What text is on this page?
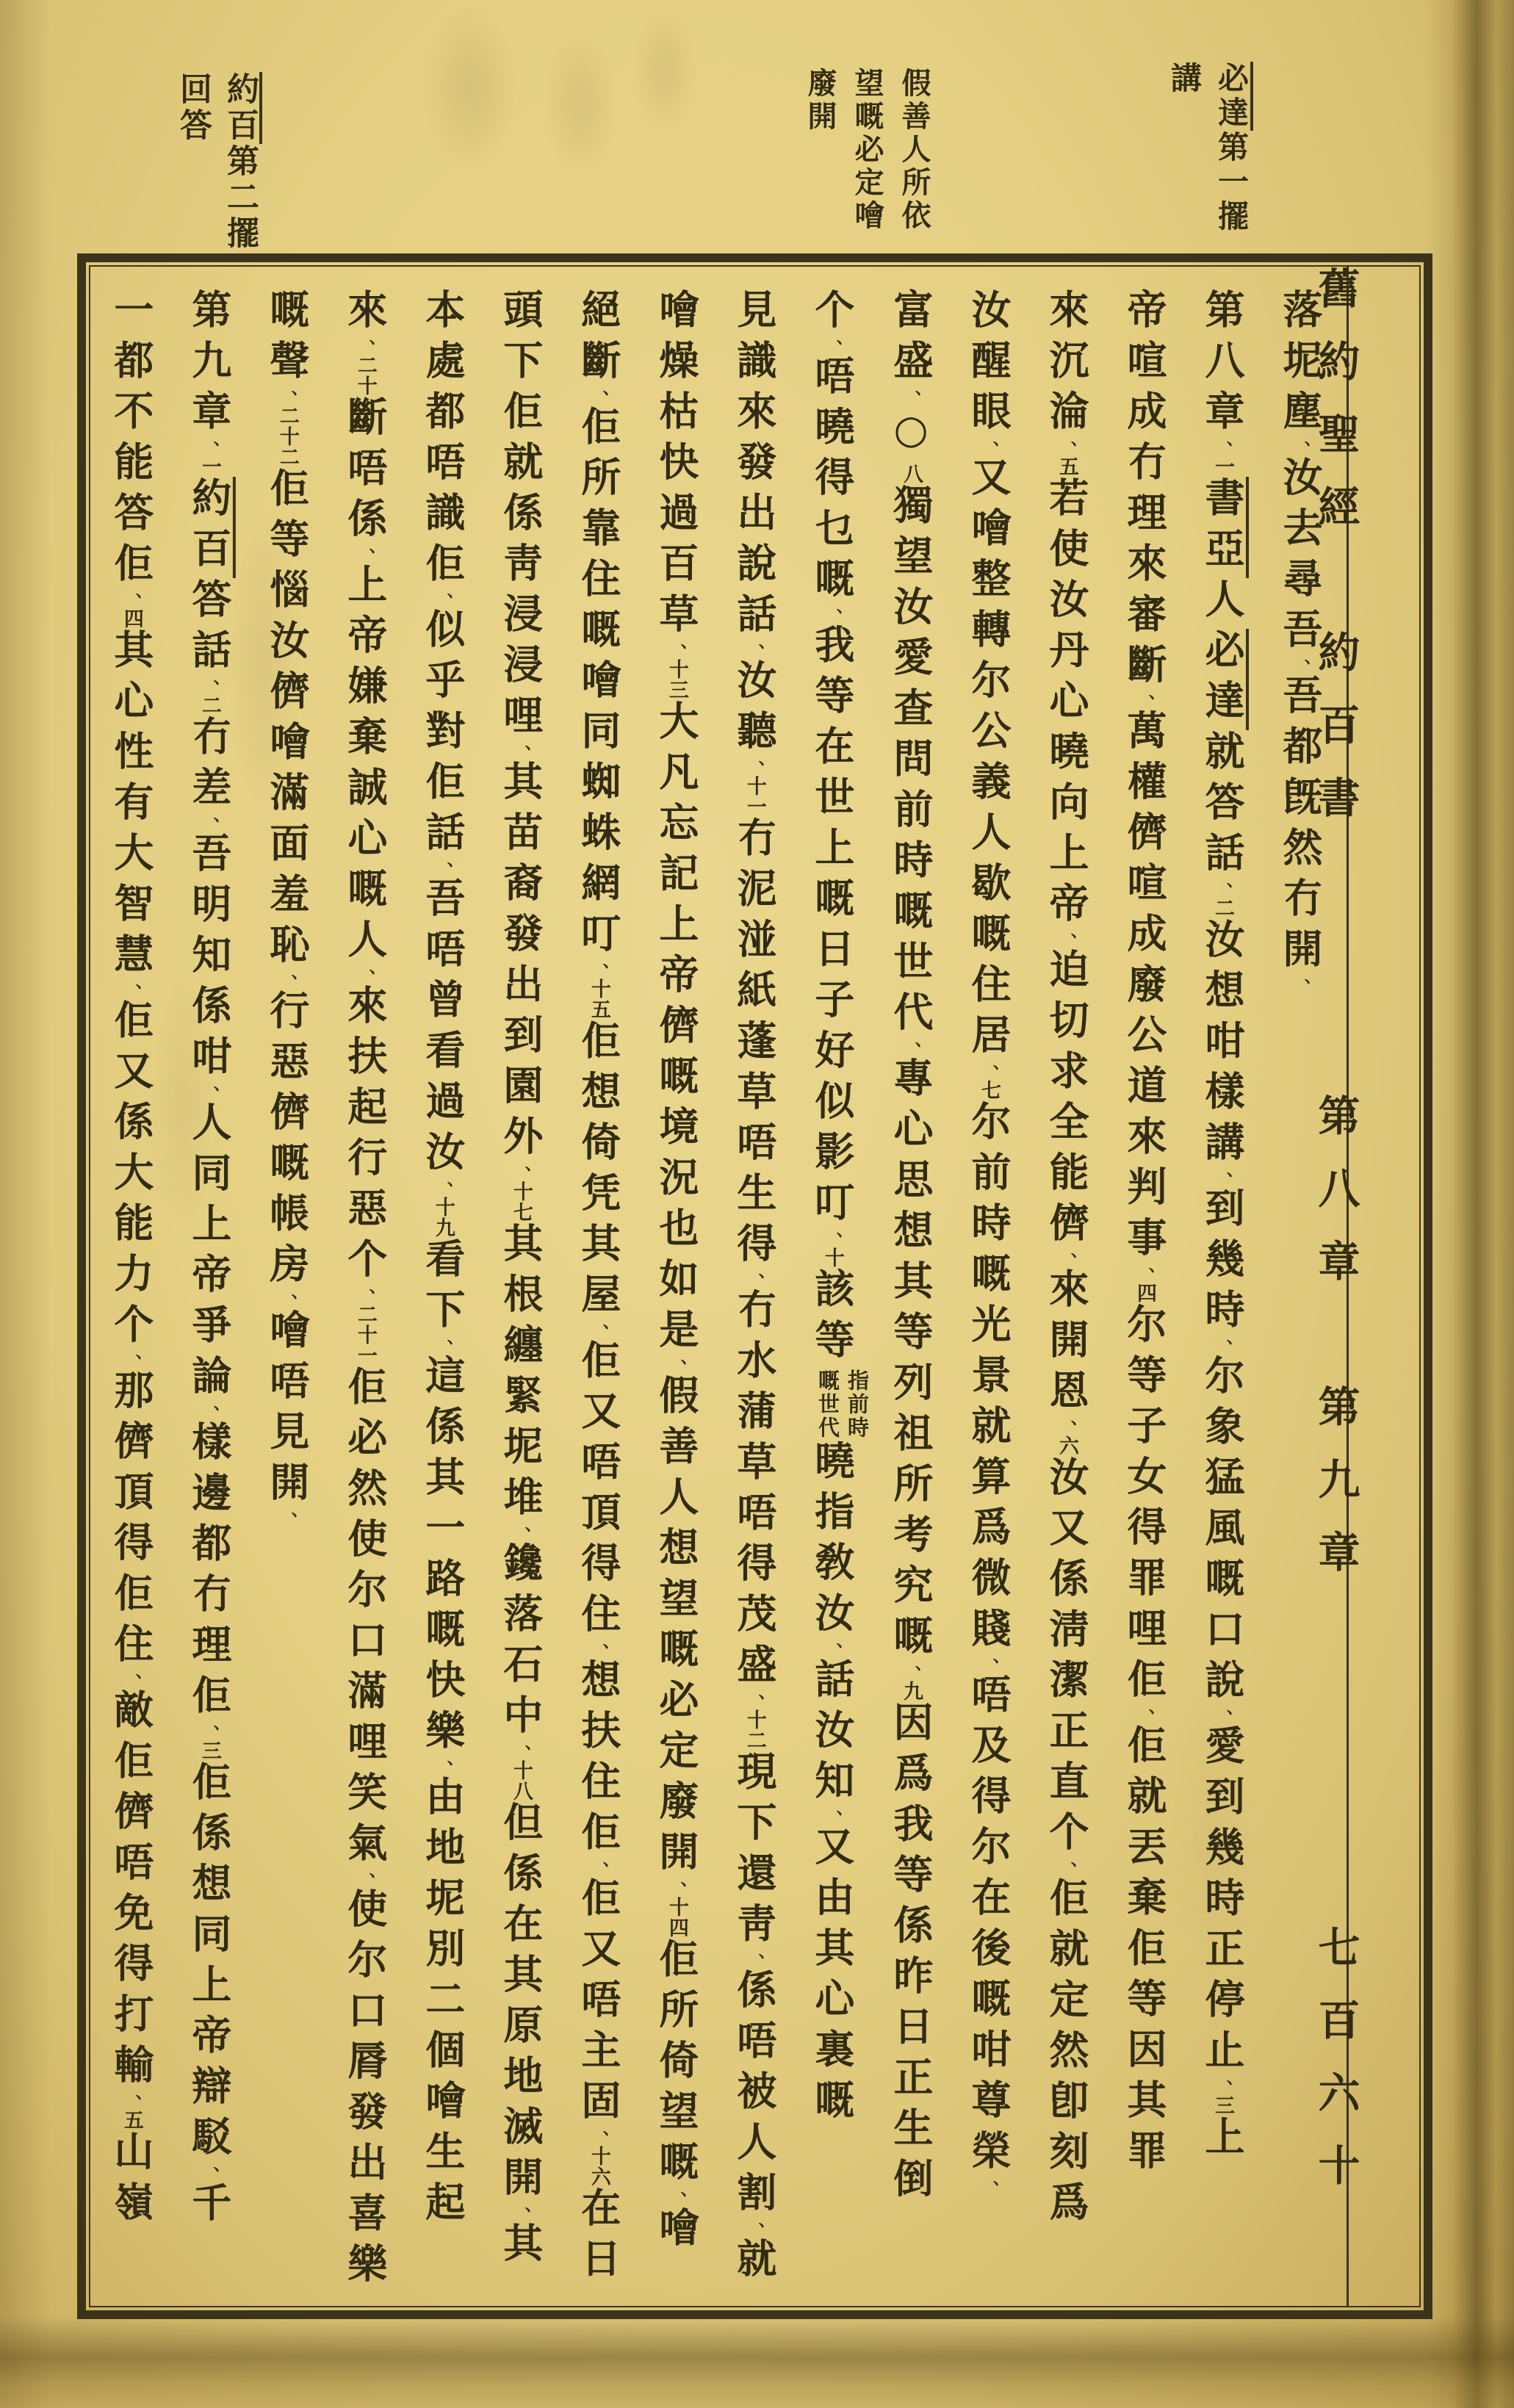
必達第一擺
講
假善人所依
望嘅必定噲
廢開
約百第二擺
回答
舊約聖經　約百書 第八章　第九章 七百六十
落坭塵、汝去尋吾、吾都旣然冇開、
第八章、一書亞人必達就答話、二汝想咁樣講、到幾時、尔象猛風嘅口說、愛到幾時正停止、三上
帝喧成冇理來審斷、萬權儕喧成廢公道來判事、四尔等子女得罪哩佢、佢就丟棄佢等因其罪
來沉淪、五若使汝丹心曉向上帝、迫切求全能儕、來開恩、六汝又係淸潔正直个、佢就定然卽刻爲
汝醒眼、又噲整轉尔公義人歇嘅住居、七尔前時嘅光景就算爲微賤、唔及得尔在後嘅咁尊榮、
富盛、○八獨望汝愛查問前時嘅世代、專心思想其等列祖所考究嘅、九因爲我等係昨日正生倒
个、唔曉得乜嘅、我等在世上嘅日子好似影叮、十該等
指前時
嘅世代
曉指敎汝、話汝知、又由其心裏嘅
見識來發出說話、汝聽、十一冇泥湴紙蓬草唔生得、冇水蒲草唔得茂盛、十二現下還靑、係唔被人割、就
噲燥枯快過百草、十三大凡忘記上帝儕嘅境況也如是、假善人想望嘅必定廢開、十四佢所倚望嘅、噲
絕斷、佢所靠住嘅噲同蜘蛛網叮、十五佢想倚凭其屋、佢又唔頂得住、想扶住佢、佢又唔主固、十六在日
頭下佢就係靑浸浸哩、其苗裔發出到園外、十七其根纏緊坭堆、鑱落石中、十八但係在其原地滅開、其
本處都唔識佢、似乎對佢話、吾唔曾看過汝、十九看下、這係其一路嘅快樂、由地坭別二個噲生起
來、二十斷唔係、上帝嫌棄誠心嘅人、來扶起行惡个、二十一佢必然使尔口滿哩笑氣、使尔口脣發出喜樂
嘅聲、二十二佢等惱汝儕噲滿面羞恥、行惡儕嘅帳房、噲唔見開、
第九章、一約百答話、二冇差、吾明知係咁、人同上帝爭論、樣邊都冇理佢、三佢係想同上帝辯駁、千
一都不能答佢、四其心性有大智慧、佢又係大能力个、那儕頂得佢住、敵佢儕唔免得打輸、五山嶺
